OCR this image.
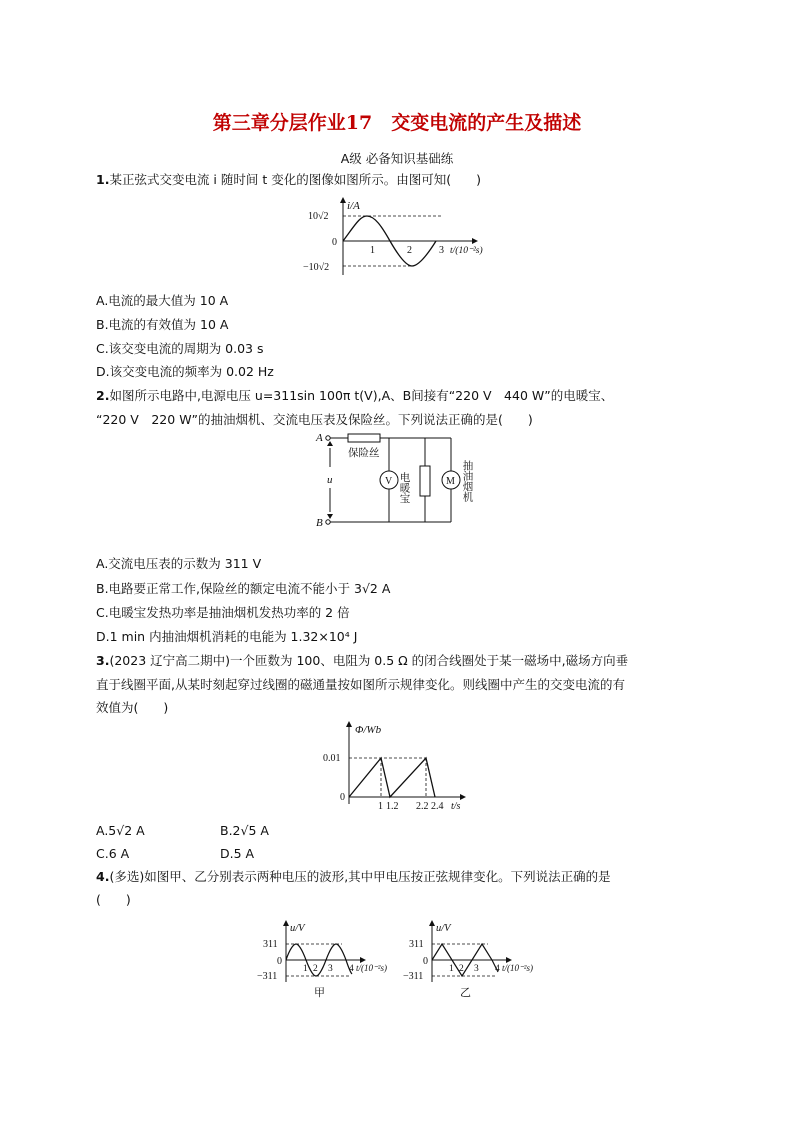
第三章分层作业17　交变电流的产生及描述
A级 必备知识基础练
1.某正弦式交变电流 i 随时间 t 变化的图像如图所示。由图可知(　　)
i/A
10√2
0
−10√2
1	2	3 t/(10⁻²s)
A.电流的最大值为 10 A
B.电流的有效值为 10 A
C.该交变电流的周期为 0.03 s
D.该交变电流的频率为 0.02 Hz
2.如图所示电路中,电源电压 u=311sin 100π t(V),A、B间接有“220 V　440 W”的电暖宝、
“220 V　220 W”的抽油烟机、交流电压表及保险丝。下列说法正确的是(　　)
A
B
u
保险丝
V	M
电暖宝	抽油烟机
A.交流电压表的示数为 311 V
B.电路要正常工作,保险丝的额定电流不能小于 3√2 A
C.电暖宝发热功率是抽油烟机发热功率的 2 倍
D.1 min 内抽油烟机消耗的电能为 1.32×10⁴ J
3.(2023 辽宁高二期中)一个匝数为 100、电阻为 0.5 Ω 的闭合线圈处于某一磁场中,磁场方向垂
直于线圈平面,从某时刻起穿过线圈的磁通量按如图所示规律变化。则线圈中产生的交变电流的有
效值为(　　)
Φ/Wb
0.01
0
1 1.2 2.2 2.4 t/s
A.5√2 A	B.2√5 A
C.6 A	D.5 A
4.(多选)如图甲、乙分别表示两种电压的波形,其中甲电压按正弦规律变化。下列说法正确的是
(　　)
u/V
311
0
−311
1 2 3 4 t/(10⁻²s)
甲
u/V
311
0
−311
1 2 3 4 t/(10⁻²s)
乙
